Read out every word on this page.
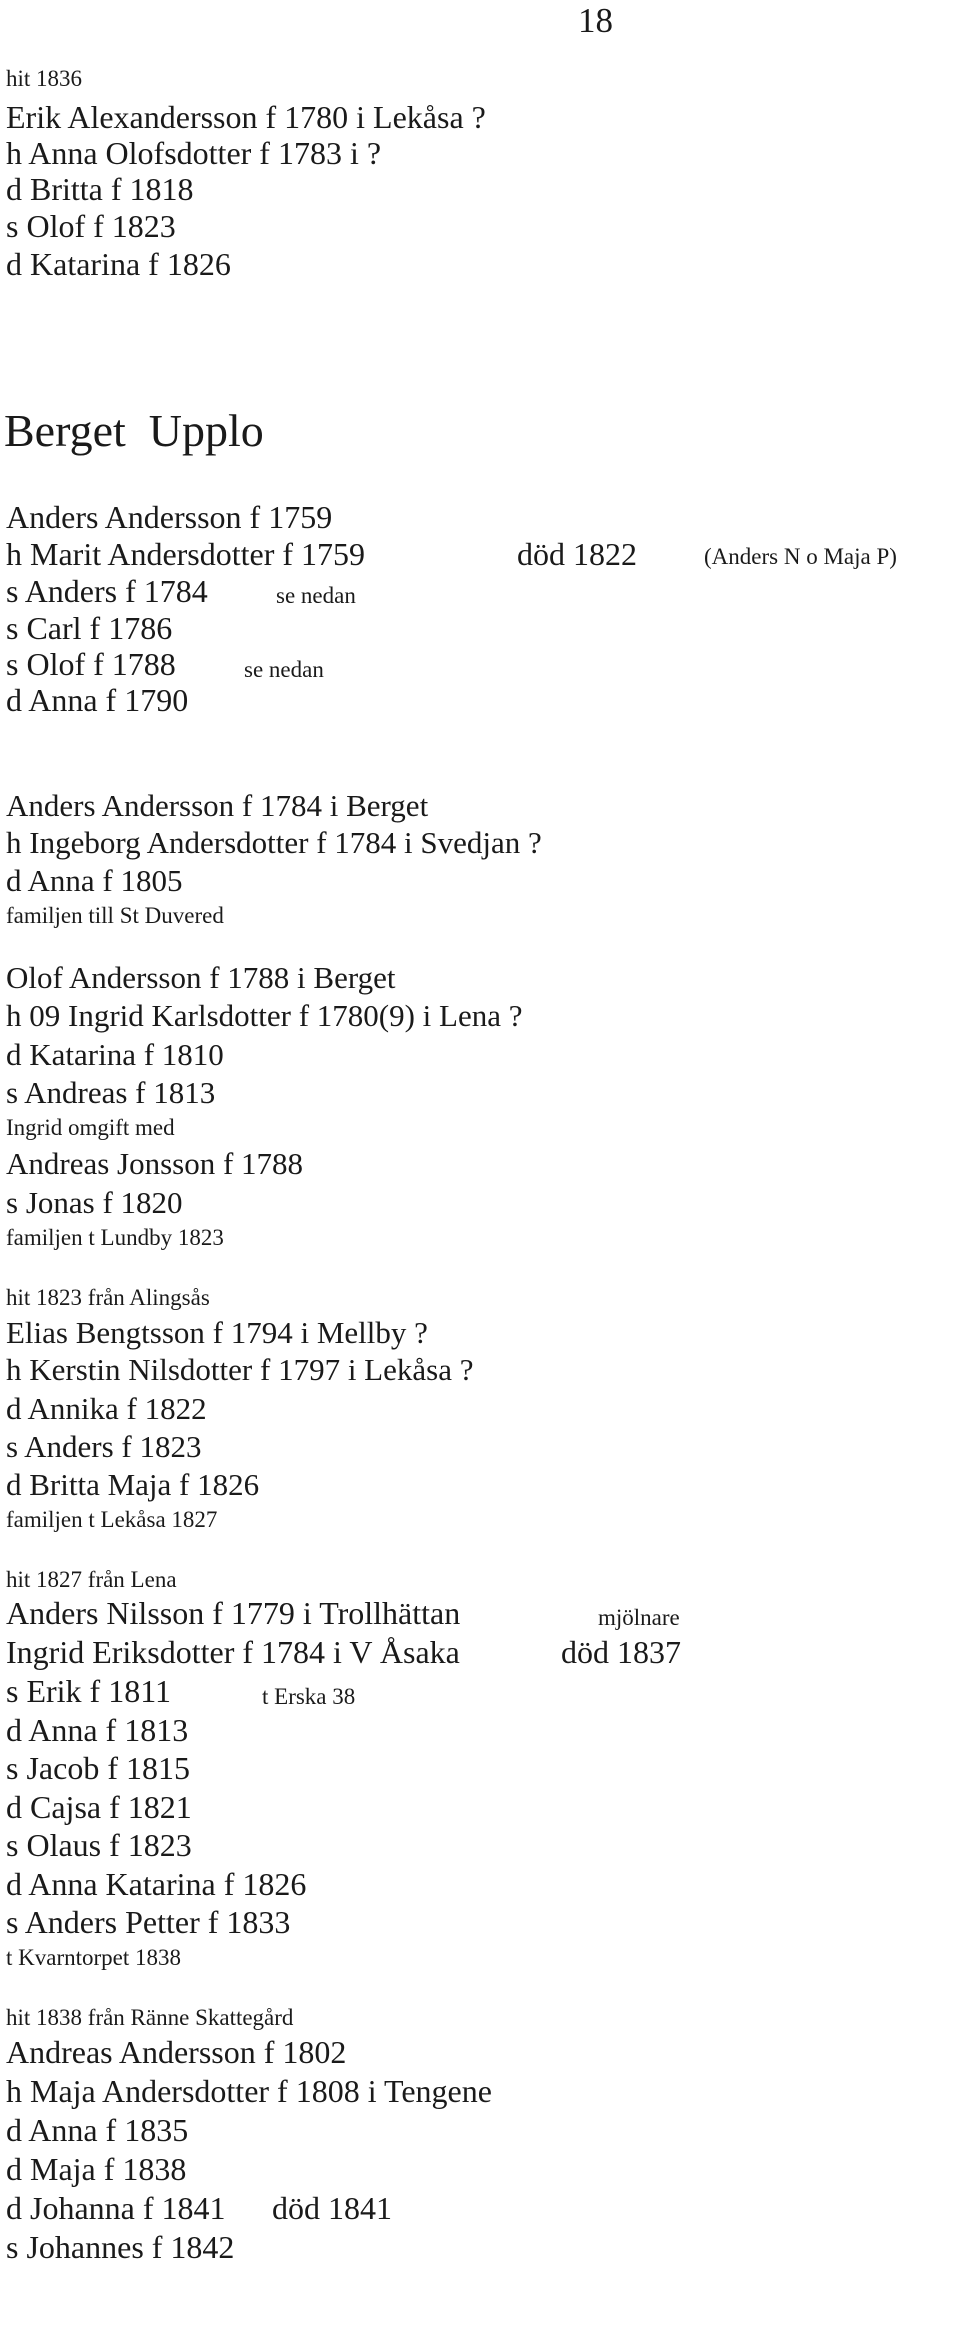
18
hit 1836
Erik Alexandersson f 1780 i Lekåsa ?
h Anna Olofsdotter f 1783 i ?
d Britta f 1818
s Olof f 1823
d Katarina f 1826
Berget  Upplo
Anders Andersson f 1759
h Marit Andersdotter f 1759	död 1822	(Anders N o Maja P)
s Anders f 1784	se nedan
s Carl f 1786
s Olof f 1788	se nedan
d Anna f 1790
Anders Andersson f 1784 i Berget
h Ingeborg Andersdotter f 1784 i Svedjan ?
d Anna f 1805
familjen till St Duvered
Olof Andersson f 1788 i Berget
h 09 Ingrid Karlsdotter f 1780(9) i Lena ?
d Katarina f 1810
s Andreas f 1813
Ingrid omgift med
Andreas Jonsson f 1788
s Jonas f 1820
familjen t Lundby 1823
hit 1823 från Alingsås
Elias Bengtsson f 1794 i Mellby ?
h Kerstin Nilsdotter f 1797 i Lekåsa ?
d Annika f 1822
s Anders f 1823
d Britta Maja f 1826
familjen t Lekåsa 1827
hit 1827 från Lena
Anders Nilsson f 1779 i Trollhättan	mjölnare
Ingrid Eriksdotter f 1784 i V Åsaka	död 1837
s Erik f 1811	t Erska 38
d Anna f 1813
s Jacob f 1815
d Cajsa f 1821
s Olaus f 1823
d Anna Katarina f 1826
s Anders Petter f 1833
t Kvarntorpet 1838
hit 1838 från Ränne Skattegård
Andreas Andersson f 1802
h Maja Andersdotter f 1808 i Tengene
d Anna f 1835
d Maja f 1838
d Johanna f 1841 död 1841
s Johannes f 1842
